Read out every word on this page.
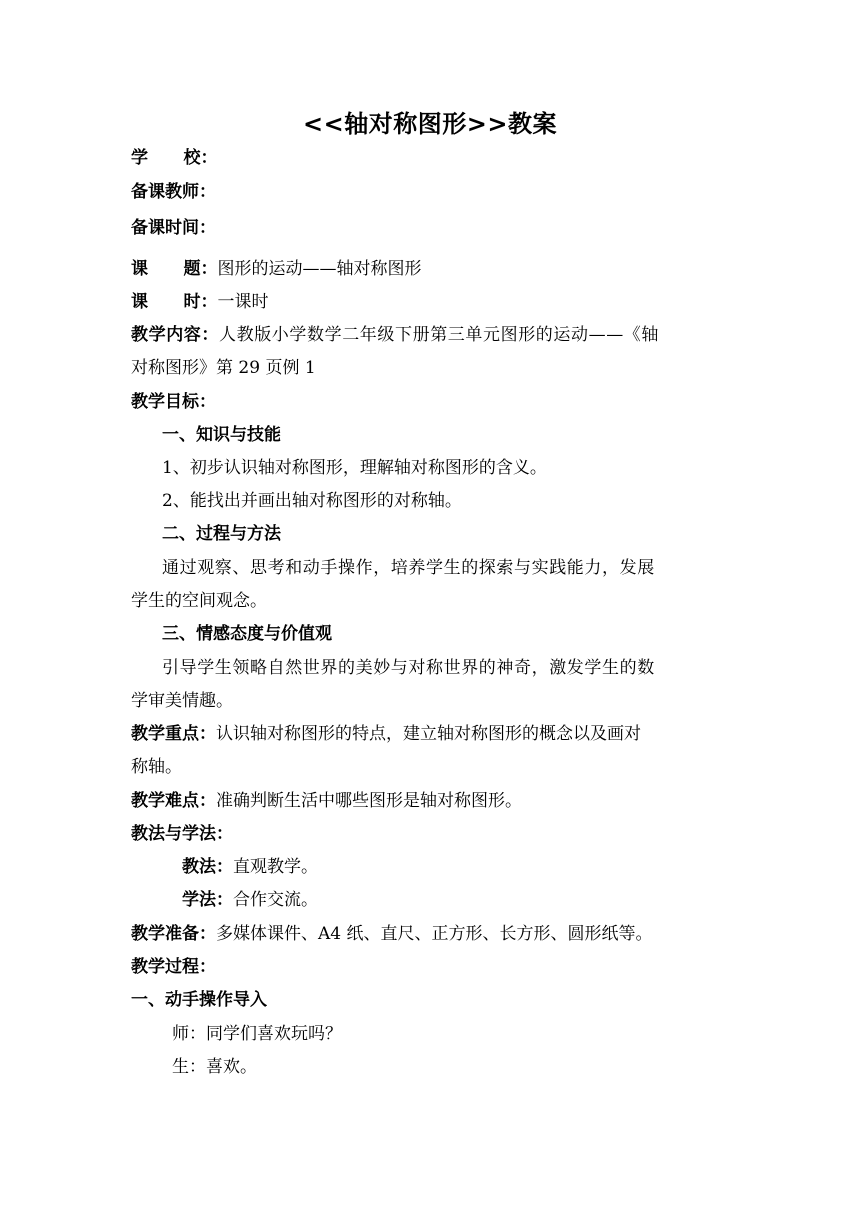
<<轴对称图形>>教案
学      校：
备课教师：
备课时间：
课      题：图形的运动——轴对称图形
课      时：一课时
教学内容：人教版小学数学二年级下册第三单元图形的运动——《轴
对称图形》第 29 页例 1
教学目标：
一、知识与技能
1、初步认识轴对称图形，理解轴对称图形的含义。
2、能找出并画出轴对称图形的对称轴。
二、过程与方法
通过观察、思考和动手操作，培养学生的探索与实践能力，发展
学生的空间观念。
三、情感态度与价值观
引导学生领略自然世界的美妙与对称世界的神奇，激发学生的数
学审美情趣。
教学重点：认识轴对称图形的特点，建立轴对称图形的概念以及画对
称轴。
教学难点：准确判断生活中哪些图形是轴对称图形。
教法与学法：
教法：直观教学。
学法：合作交流。
教学准备：多媒体课件、A4 纸、直尺、正方形、长方形、圆形纸等。
教学过程：
一、动手操作导入
师：同学们喜欢玩吗？
生：喜欢。
